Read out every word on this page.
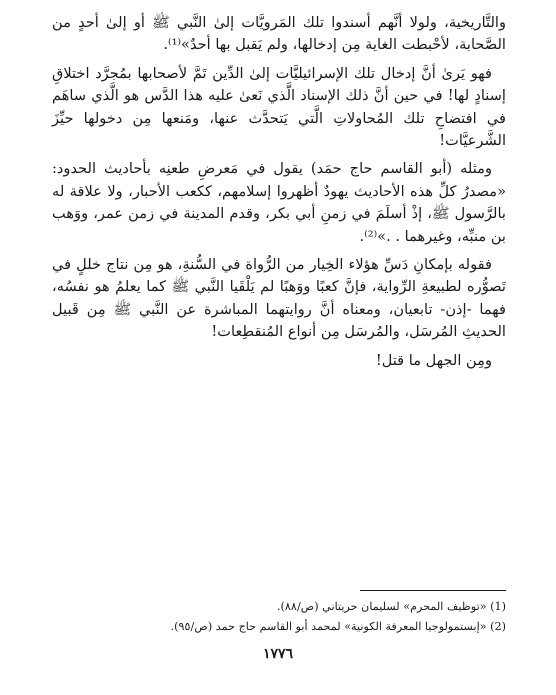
والتَّاريخية، ولولا أنَّهم أسندوا تلك المَرويَّات إلىٰ النَّبي ﷺ أو إلىٰ أحدٍ من الصَّحابة، لأحْبطت الغاية مِن إدخالها، ولم يَقبل بها أحدٌ»⁽¹⁾.

فهو يَرىٰ أنَّ إدخال تلك الإسرائيليَّات إلىٰ الدِّين تَمَّ لأصحابها بمُجرَّد اختلاقِ إسنادٍ لها! في حين أنَّ ذلك الإسناد الَّذي نَعىٰ عليه هذا الدَّس هو الَّذي ساهَم في افتضاحِ تلك المُحاولاتِ الَّتي يَتحدَّث عنها، ومَنعها مِن دخولها حيِّزَ الشَّرعيَّات!

ومثله (أبو القاسم حاج حمَد) يقول في مَعرضِ طعنِه بأحاديث الحدود: «مصدرُ كلِّ هذه الأحاديث يهودٌ أظهروا إسلامهم، ككعب الأحبار، ولا علاقة له بالرَّسول ﷺ، إذْ أسلَمَ في زمنِ أبي بكر، وقدم المدينة في زمن عمر، ووَهب بن منبِّه، وغيرهما . .»⁽²⁾.

فقوله بإمكانِ دَسِّ هؤلاء الخِيار من الرُّواة في السُّنةِ، هو مِن نتاج خللٍ في تَصوُّره لطبيعةِ الرِّواية، فإنَّ كعبًا ووَهبًا لم يَلْقَيا النَّبي ﷺ كما يعلمُ هو نفسُه، فهما -إذن- تابعيان، ومعناه أنَّ روايتهما المباشرة عن النَّبي ﷺ مِن قَبيل الحديثِ المُرسَل، والمُرسَل مِن أنواع المُنقطِعات!

ومِن الجهل ما قتل!

(1) «توظيف المحرم» لسليمان حريتاني (ص/٨٨).

(2) «إبستمولوجيا المعرفة الكونية» لمحمد أبو القاسم حاج حمد (ص/٩٥).

١٧٧٦
